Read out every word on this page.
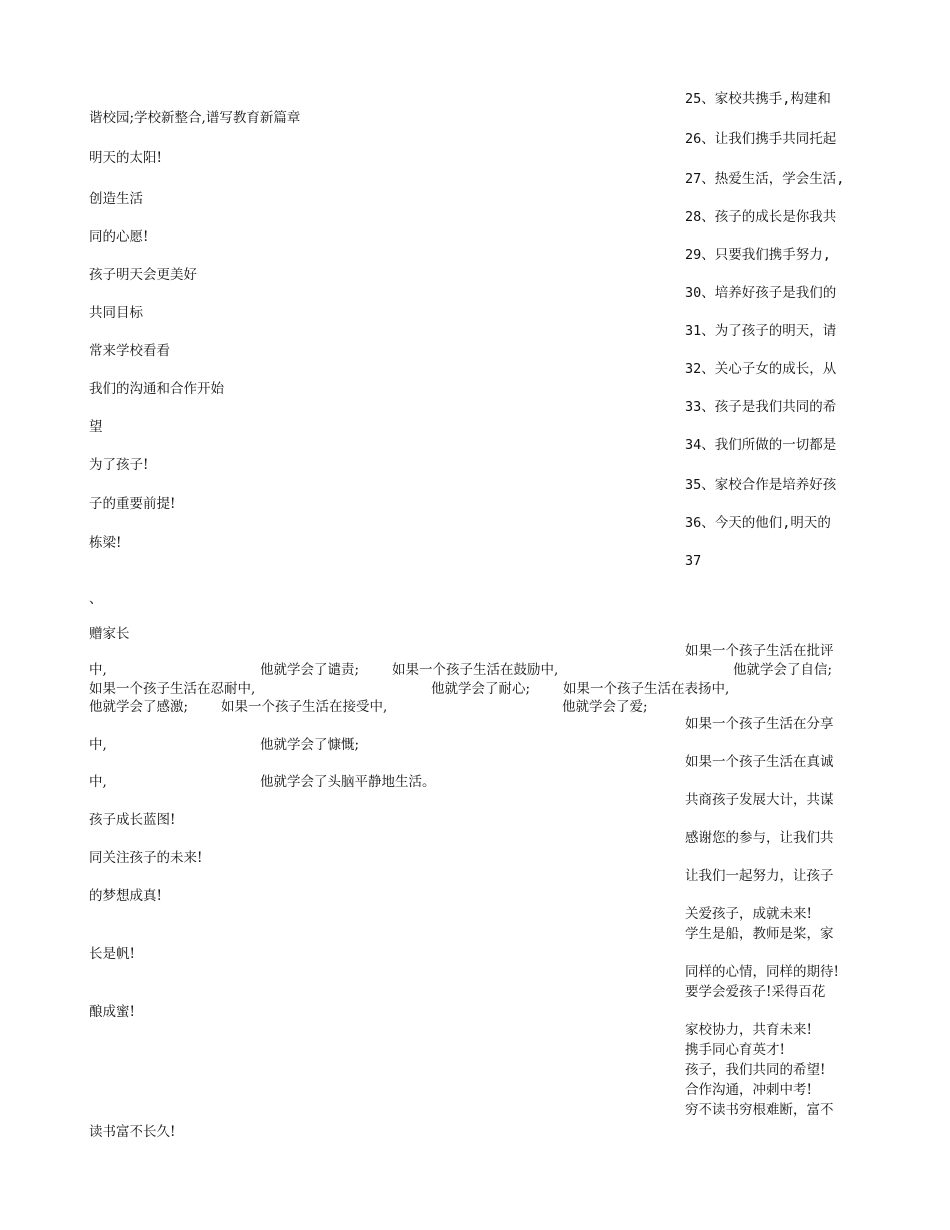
谐校园;学校新整合,谱写教育新篇章
明天的太阳!
创造生活
同的心愿!
孩子明天会更美好
共同目标
常来学校看看
我们的沟通和合作开始
望
为了孩子!
子的重要前提!
栋梁!
、
赠家长
中,	他就学会了谴责; 如果一个孩子生活在鼓励中,	他就学会了自信;
如果一个孩子生活在忍耐中,	他就学会了耐心; 如果一个孩子生活在表扬中,
他就学会了感激; 如果一个孩子生活在接受中,	他就学会了爱;
中,	他就学会了慷慨;
中,	他就学会了头脑平静地生活。
孩子成长蓝图!
同关注孩子的未来!
的梦想成真!
长是帆!
酿成蜜!
读书富不长久!
25、家校共携手,构建和
26、让我们携手共同托起
27、热爱生活，学会生活,
28、孩子的成长是你我共
29、只要我们携手努力,
30、培养好孩子是我们的
31、为了孩子的明天，请
32、关心子女的成长，从
33、孩子是我们共同的希
34、我们所做的一切都是
35、家校合作是培养好孩
36、今天的他们,明天的
37
如果一个孩子生活在批评
如果一个孩子生活在分享
如果一个孩子生活在真诚
共商孩子发展大计，共谋
感谢您的参与，让我们共
让我们一起努力，让孩子
关爱孩子，成就未来!
学生是船，教师是桨，家
同样的心情，同样的期待!
要学会爱孩子!采得百花
家校协力，共育未来!
携手同心育英才!
孩子，我们共同的希望!
合作沟通，冲刺中考!
穷不读书穷根难断，富不
